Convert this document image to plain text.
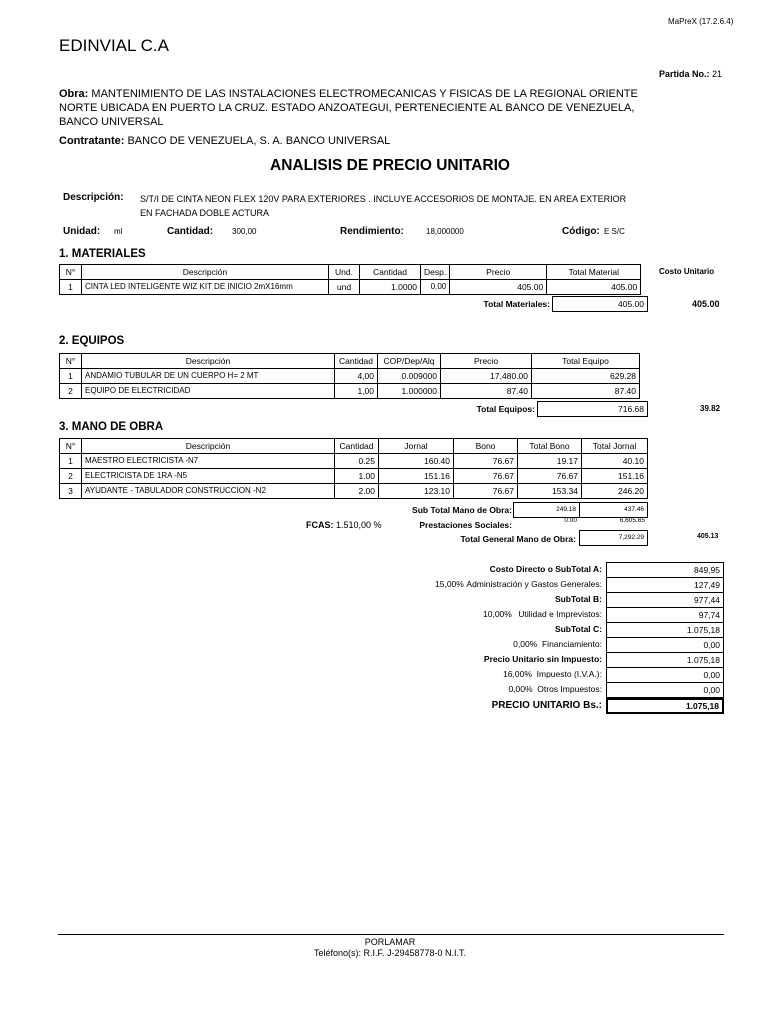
MaPreX (17.2.6.4)
EDINVIAL C.A
Partida No.: 21
Obra: MANTENIMIENTO DE LAS INSTALACIONES ELECTROMECANICAS Y FISICAS DE LA REGIONAL ORIENTE NORTE UBICADA EN PUERTO LA CRUZ. ESTADO ANZOATEGUI, PERTENECIENTE AL BANCO DE VENEZUELA, BANCO UNIVERSAL
Contratante: BANCO DE VENEZUELA, S. A. BANCO UNIVERSAL
ANALISIS DE PRECIO UNITARIO
Descripción: S/T/I DE CINTA NEON FLEX 120V PARA EXTERIORES . INCLUYE ACCESORIOS DE MONTAJE. EN AREA EXTERIOR
EN FACHADA DOBLE ACTURA
Unidad: ml	Cantidad: 300,00	Rendimiento:	18,000000	Código: E S/C
1. MATERIALES
Costo Unitario
N°	Descripción	Und.	Cantidad	Desp.	Precio	Total Material
1	CINTA LED INTELIGENTE WIZ KIT DE INICIO 2mX16mm	und	1.0000	0.00	405.00	405.00
Total Materiales:	405.00	405.00
2. EQUIPOS
N°	Descripción	Cantidad	COP/Dep/Alq	Precio	Total Equipo
1	ANDAMIO TUBULAR DE UN CUERPO H= 2 MT	4,00	0.009000	17,480.00	629.28
2	EQUIPO DE ELECTRICIDAD	1,00	1.000000	87.40	87.40
Total Equipos:	716.68	39.82
3. MANO DE OBRA
N°	Descripción	Cantidad	Jornal	Bono	Total Bono	Total Jornal
1	MAESTRO ELECTRICISTA -N7	0.25	160.40	76.67	19.17	40.10
2	ELECTRICISTA DE 1RA -N5	1.00	151.16	76.67	76.67	151.16
3	AYUDANTE - TABULADOR CONSTRUCCION -N2	2.00	123.10	76.67	153.34	246.20
Sub Total Mano de Obra:	249.18	437.46
FCAS: 1.510,00 %	Prestaciones Sociales:	0.00	6,605.65
Total General Mano de Obra:	7,292.29	405.13
Costo Directo o SubTotal A:	849,95
15,00% Administración y Gastos Generales:	127,49
SubTotal B:	977,44
10,00% Utilidad e Imprevistos:	97,74
SubTotal C:	1.075,18
0,00% Financiamiento:	0,00
Precio Unitario sin Impuesto:	1.075,18
16,00% Impuesto (I.V.A.):	0,00
0,00% Otros Impuestos:	0,00
PRECIO UNITARIO Bs.:	1.075,18
PORLAMAR
Teléfono(s): R.I.F. J-29458778-0 N.I.T.
